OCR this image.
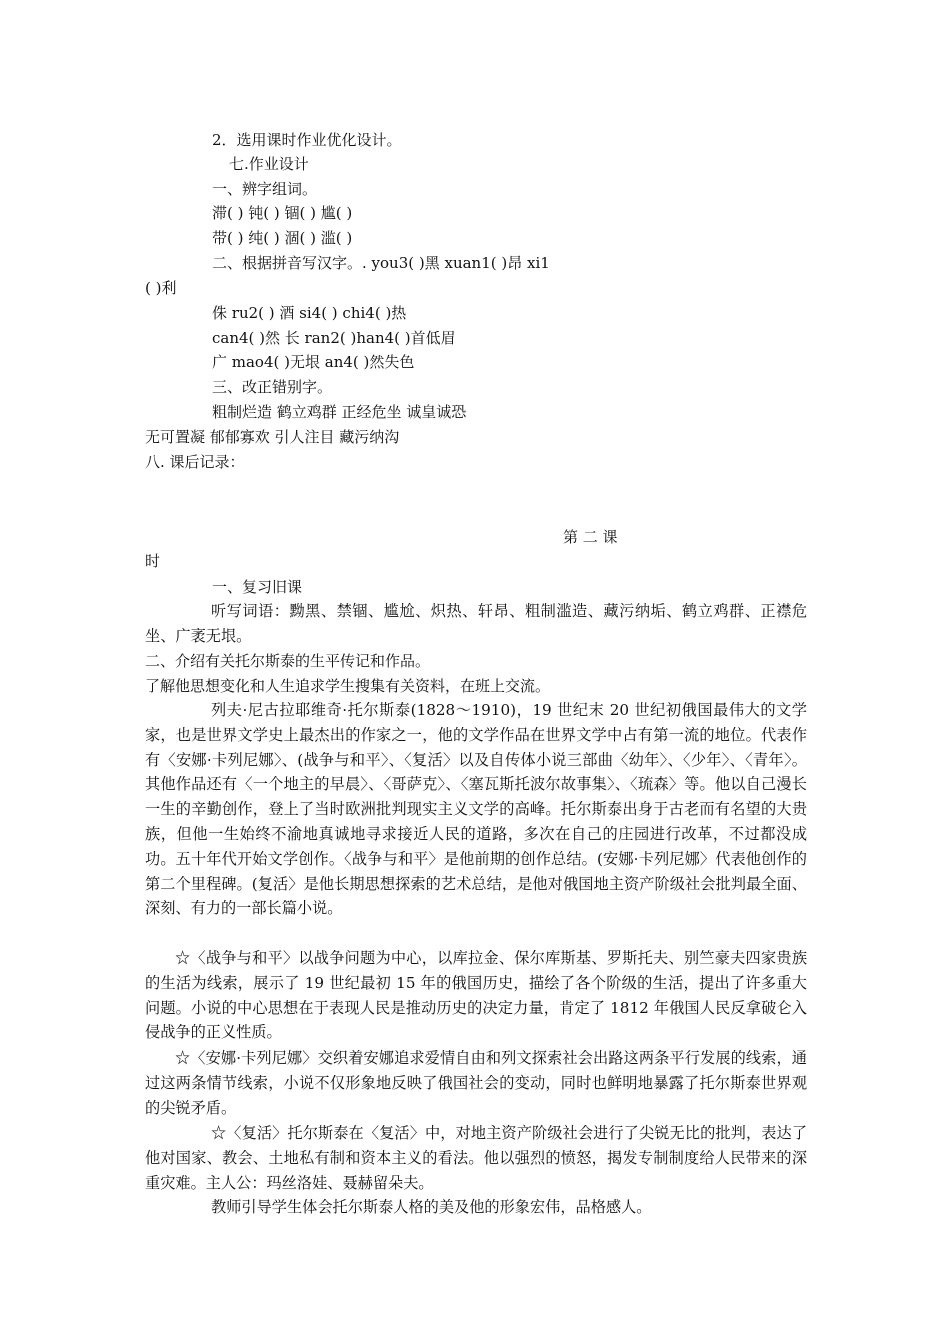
2．选用课时作业优化设计。
七.作业设计
一、辨字组词。
滞( ) 钝( ) 锢( ) 尴( )
带( ) 纯( ) 涸( ) 滥( )
二、根据拼音写汉字。. you3( )黑 xuan1( )昂 xi1
( )利
侏 ru2( ) 酒 si4( ) chi4( )热
can4( )然 长 ran2( )han4( )首低眉
广 mao4( )无垠 an4( )然失色
三、改正错别字。
粗制烂造 鹤立鸡群 正经危坐 诚皇诚恐
无可置凝 郁郁寡欢 引人注目 藏污纳沟
八. 课后记录：
第 二 课
时
一、复习旧课
听写词语：黝黑、禁锢、尴尬、炽热、轩昂、粗制滥造、藏污纳垢、鹤立鸡群、正襟危坐、广袤无垠。
二、介绍有关托尔斯泰的生平传记和作品。
了解他思想变化和人生追求学生搜集有关资料，在班上交流。
列夫·尼古拉耶维奇·托尔斯泰(1828～1910)，19 世纪末 20 世纪初俄国最伟大的文学家，也是世界文学史上最杰出的作家之一，他的文学作品在世界文学中占有第一流的地位。代表作有〈安娜·卡列尼娜〉、(战争与和平〉、〈复活〉以及自传体小说三部曲〈幼年〉、〈少年〉、〈青年〉。其他作品还有〈一个地主的早晨〉、〈哥萨克〉、〈塞瓦斯托波尔故事集〉、〈琉森〉等。他以自己漫长一生的辛勤创作，登上了当时欧洲批判现实主义文学的高峰。托尔斯泰出身于古老而有名望的大贵族，但他一生始终不渝地真诚地寻求接近人民的道路，多次在自己的庄园进行改革，不过都没成功。五十年代开始文学创作。〈战争与和平〉是他前期的创作总结。(安娜·卡列尼娜〉代表他创作的第二个里程碑。(复活〉是他长期思想探索的艺术总结，是他对俄国地主资产阶级社会批判最全面、深刻、有力的一部长篇小说。
☆〈战争与和平〉以战争问题为中心，以库拉金、保尔库斯基、罗斯托夫、别竺豪夫四家贵族的生活为线索，展示了 19 世纪最初 15 年的俄国历史，描绘了各个阶级的生活，提出了许多重大问题。小说的中心思想在于表现人民是推动历史的决定力量，肯定了 1812 年俄国人民反拿破仑入侵战争的正义性质。
☆〈安娜·卡列尼娜〉交织着安娜追求爱情自由和列文探索社会出路这两条平行发展的线索，通过这两条情节线索，小说不仅形象地反映了俄国社会的变动，同时也鲜明地暴露了托尔斯泰世界观的尖锐矛盾。
☆〈复活〉托尔斯泰在〈复活〉中，对地主资产阶级社会进行了尖锐无比的批判，表达了他对国家、教会、土地私有制和资本主义的看法。他以强烈的愤怒，揭发专制制度给人民带来的深重灾难。主人公：玛丝洛娃、聂赫留朵夫。
教师引导学生体会托尔斯泰人格的美及他的形象宏伟，品格感人。
